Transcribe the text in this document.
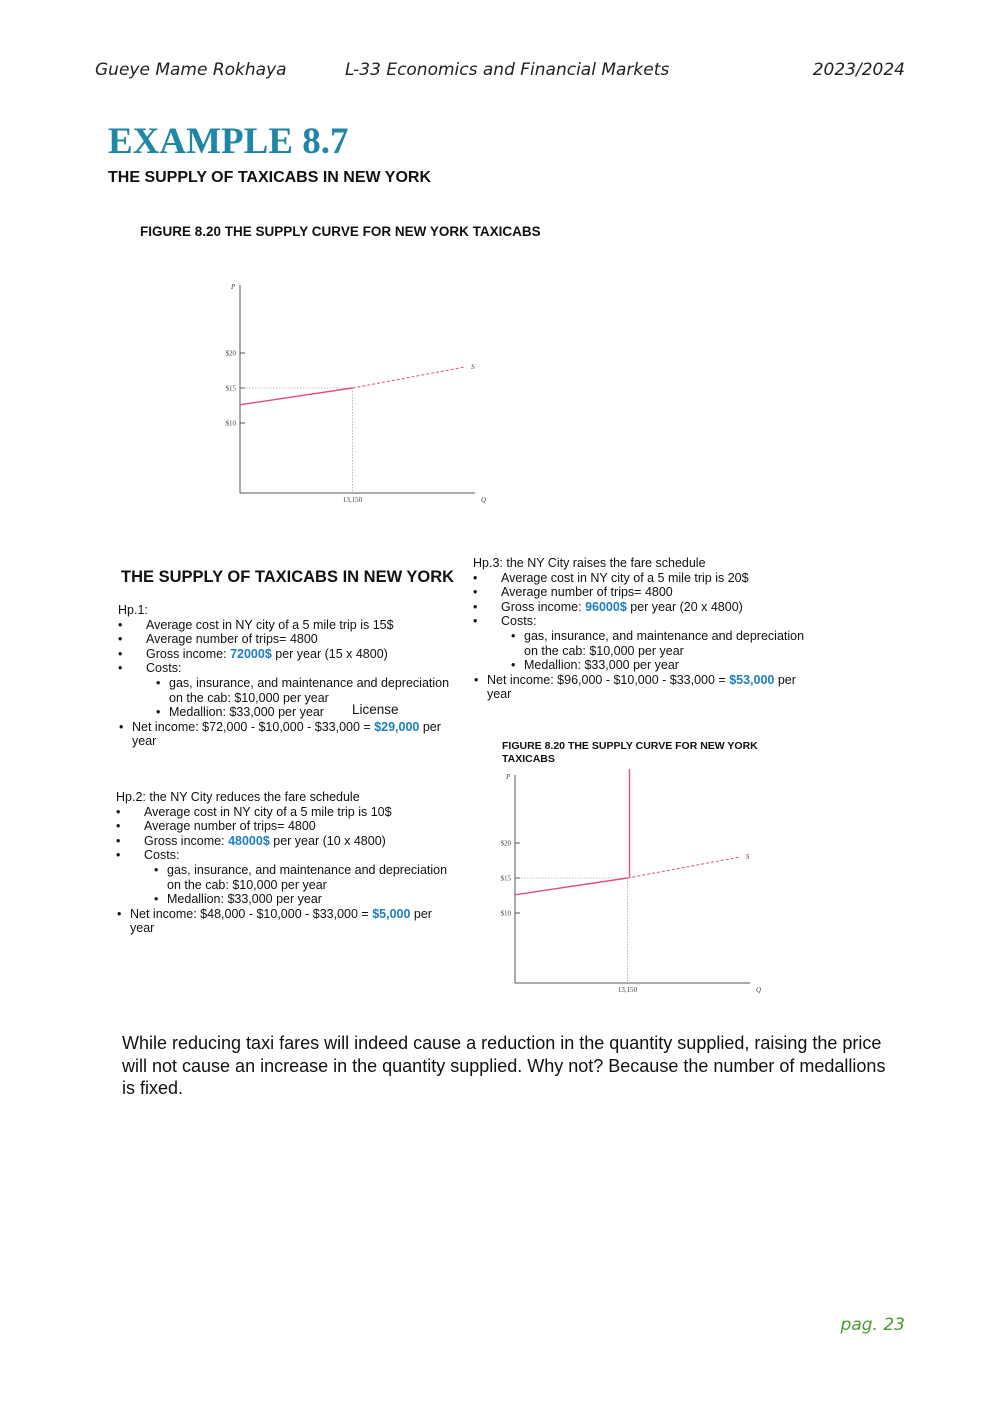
Gueye Mame Rokhaya	L-33 Economics and Financial Markets	2023/2024
EXAMPLE 8.7
THE SUPPLY OF TAXICABS IN NEW YORK
FIGURE 8.20 THE SUPPLY CURVE FOR NEW YORK TAXICABS
P
Q
$10
$15
$20
13,150
S
THE SUPPLY OF TAXICABS IN NEW YORK
Hp.1:
• Average cost in NY city of a 5 mile trip is 15$
• Average number of trips= 4800
• Gross income: 72000$ per year (15 x 4800)
• Costs:
• gas, insurance, and maintenance and depreciation
on the cab: $10,000 per year
• Medallion: $33,000 per year License
• Net income: $72,000 - $10,000 - $33,000 = $29,000 per
year
Hp.2: the NY City reduces the fare schedule
• Average cost in NY city of a 5 mile trip is 10$
• Average number of trips= 4800
• Gross income: 48000$ per year (10 x 4800)
• Costs:
• gas, insurance, and maintenance and depreciation
on the cab: $10,000 per year
• Medallion: $33,000 per year
• Net income: $48,000 - $10,000 - $33,000 = $5,000 per
year
Hp.3: the NY City raises the fare schedule
• Average cost in NY city of a 5 mile trip is 20$
• Average number of trips= 4800
• Gross income: 96000$ per year (20 x 4800)
• Costs:
• gas, insurance, and maintenance and depreciation
on the cab: $10,000 per year
• Medallion: $33,000 per year
• Net income: $96,000 - $10,000 - $33,000 = $53,000 per
year
FIGURE 8.20 THE SUPPLY CURVE FOR NEW YORK TAXICABS
P
Q
$10
$15
$20
13,150
S
While reducing taxi fares will indeed cause a reduction in the quantity supplied, raising the price will not cause an increase in the quantity supplied. Why not? Because the number of medallions is fixed.
pag. 23
